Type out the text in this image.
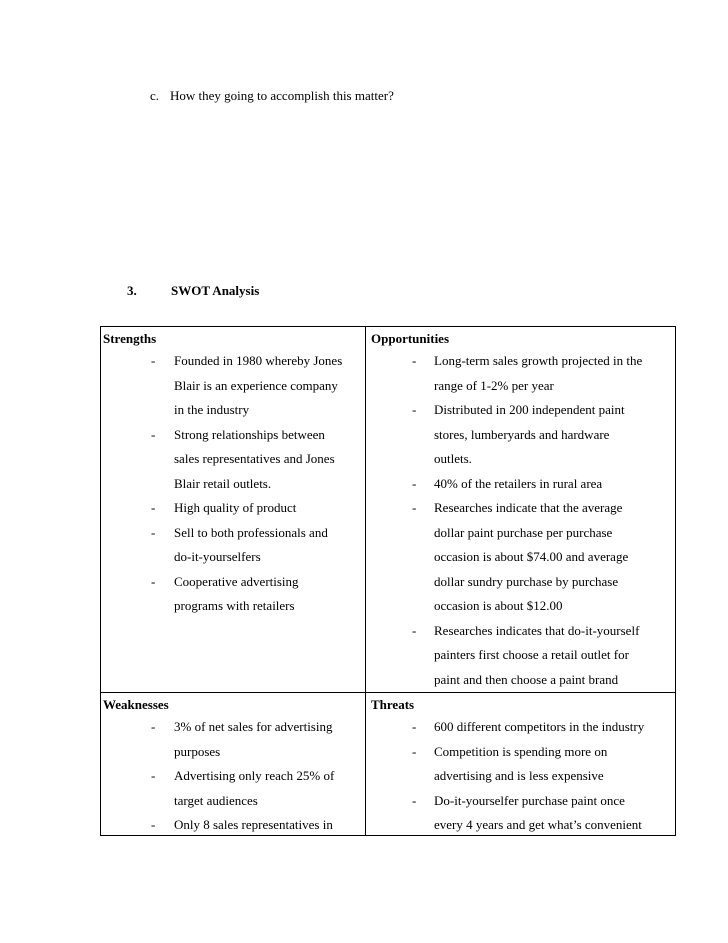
c. How they going to accomplish this matter?
3.	SWOT Analysis
Strengths
- Founded in 1980 whereby Jones
Blair is an experience company
in the industry
- Strong relationships between
sales representatives and Jones
Blair retail outlets.
- High quality of product
- Sell to both professionals and
do-it-yourselfers
- Cooperative advertising
programs with retailers
Opportunities
- Long-term sales growth projected in the
range of 1-2% per year
- Distributed in 200 independent paint
stores, lumberyards and hardware
outlets.
- 40% of the retailers in rural area
- Researches indicate that the average
dollar paint purchase per purchase
occasion is about $74.00 and average
dollar sundry purchase by purchase
occasion is about $12.00
- Researches indicates that do-it-yourself
painters first choose a retail outlet for
paint and then choose a paint brand
Weaknesses
- 3% of net sales for advertising
purposes
- Advertising only reach 25% of
target audiences
- Only 8 sales representatives in
Threats
- 600 different competitors in the industry
- Competition is spending more on
advertising and is less expensive
- Do-it-yourselfer purchase paint once
every 4 years and get what’s convenient
